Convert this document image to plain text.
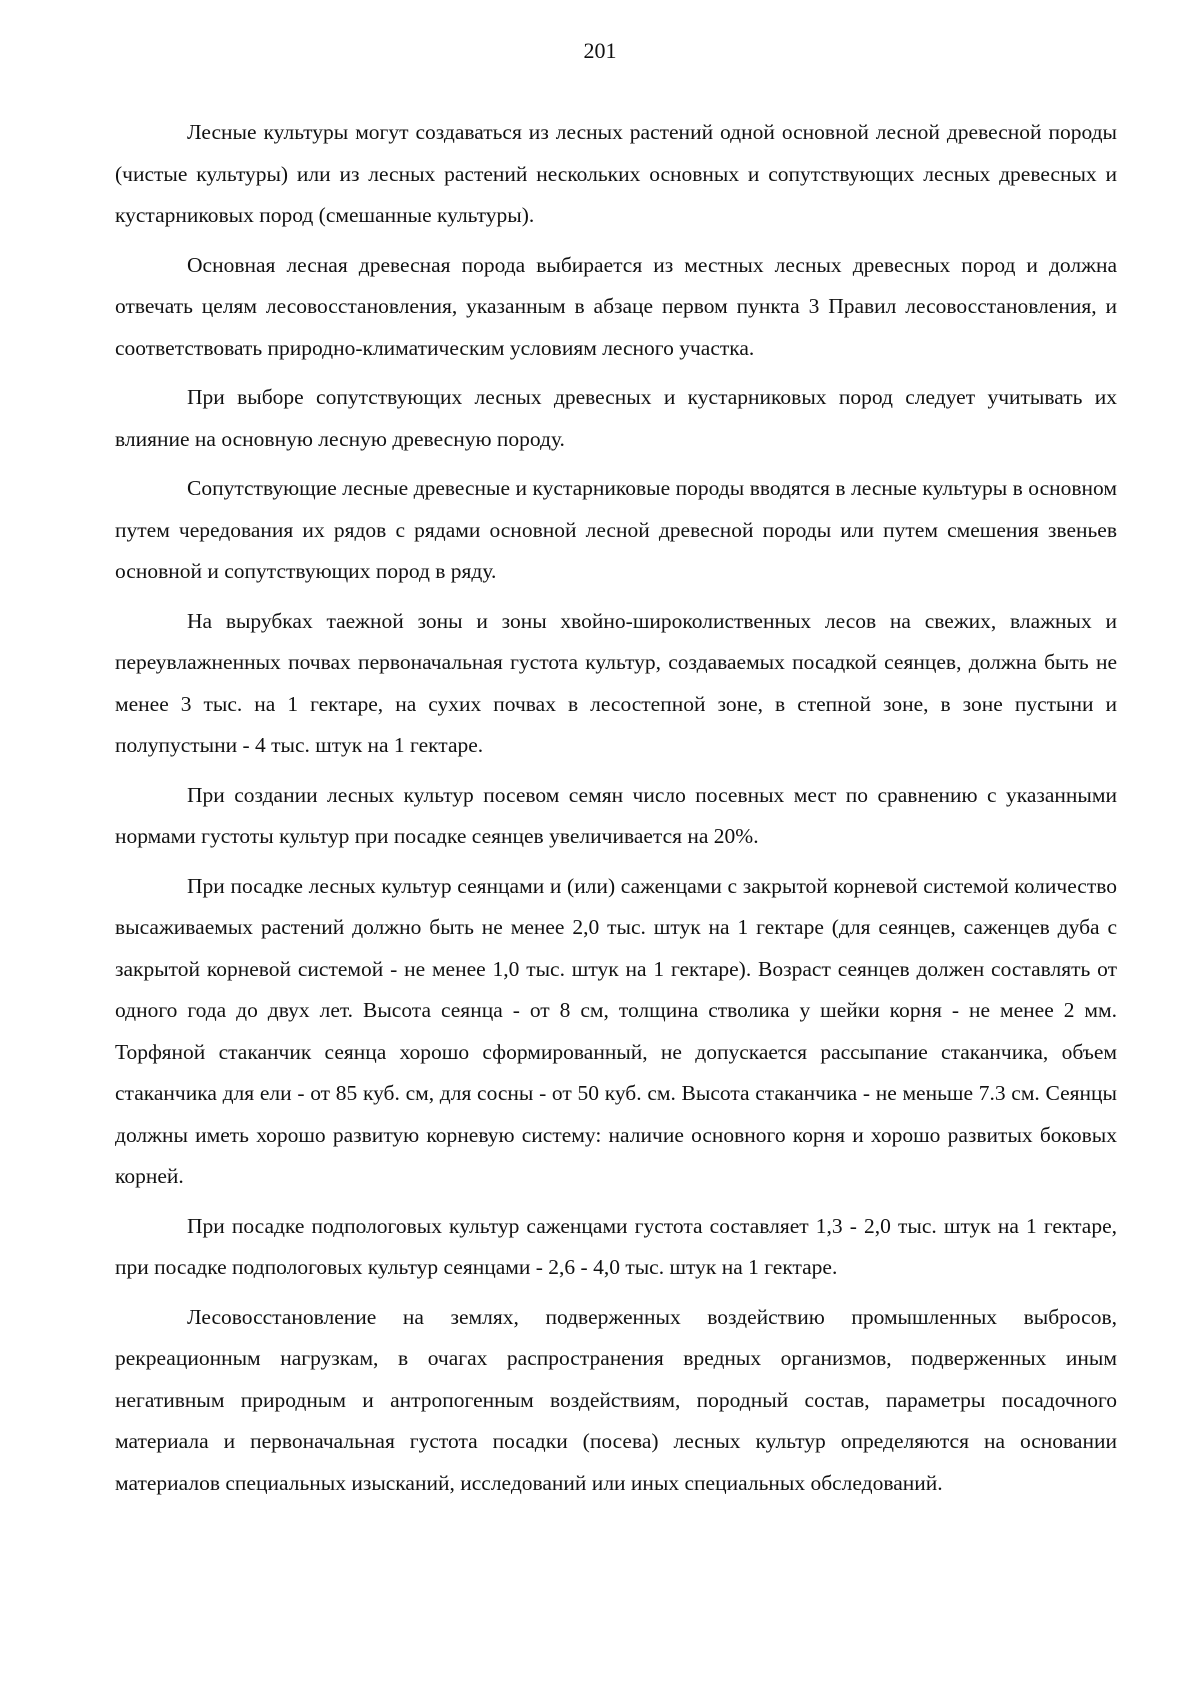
201

Лесные культуры могут создаваться из лесных растений одной основной лесной древесной породы (чистые культуры) или из лесных растений нескольких основных и сопутствующих лесных древесных и кустарниковых пород (смешанные культуры).

Основная лесная древесная порода выбирается из местных лесных древесных пород и должна отвечать целям лесовосстановления, указанным в абзаце первом пункта 3 Правил лесовосстановления, и соответствовать природно-климатическим условиям лесного участка.

При выборе сопутствующих лесных древесных и кустарниковых пород следует учитывать их влияние на основную лесную древесную породу.

Сопутствующие лесные древесные и кустарниковые породы вводятся в лесные культуры в основном путем чередования их рядов с рядами основной лесной древесной породы или путем смешения звеньев основной и сопутствующих пород в ряду.

На вырубках таежной зоны и зоны хвойно-широколиственных лесов на свежих, влажных и переувлажненных почвах первоначальная густота культур, создаваемых посадкой сеянцев, должна быть не менее 3 тыс. на 1 гектаре, на сухих почвах в лесостепной зоне, в степной зоне, в зоне пустыни и полупустыни - 4 тыс. штук на 1 гектаре.

При создании лесных культур посевом семян число посевных мест по сравнению с указанными нормами густоты культур при посадке сеянцев увеличивается на 20%.

При посадке лесных культур сеянцами и (или) саженцами с закрытой корневой системой количество высаживаемых растений должно быть не менее 2,0 тыс. штук на 1 гектаре (для сеянцев, саженцев дуба с закрытой корневой системой - не менее 1,0 тыс. штук на 1 гектаре). Возраст сеянцев должен составлять от одного года до двух лет. Высота сеянца - от 8 см, толщина стволика у шейки корня - не менее 2 мм. Торфяной стаканчик сеянца хорошо сформированный, не допускается рассыпание стаканчика, объем стаканчика для ели - от 85 куб. см, для сосны - от 50 куб. см. Высота стаканчика - не меньше 7.3 см. Сеянцы должны иметь хорошо развитую корневую систему: наличие основного корня и хорошо развитых боковых корней.

При посадке подпологовых культур саженцами густота составляет 1,3 - 2,0 тыс. штук на 1 гектаре, при посадке подпологовых культур сеянцами - 2,6 - 4,0 тыс. штук на 1 гектаре.

Лесовосстановление на землях, подверженных воздействию промышленных выбросов, рекреационным нагрузкам, в очагах распространения вредных организмов, подверженных иным негативным природным и антропогенным воздействиям, породный состав, параметры посадочного материала и первоначальная густота посадки (посева) лесных культур определяются на основании материалов специальных изысканий, исследований или иных специальных обследований.
